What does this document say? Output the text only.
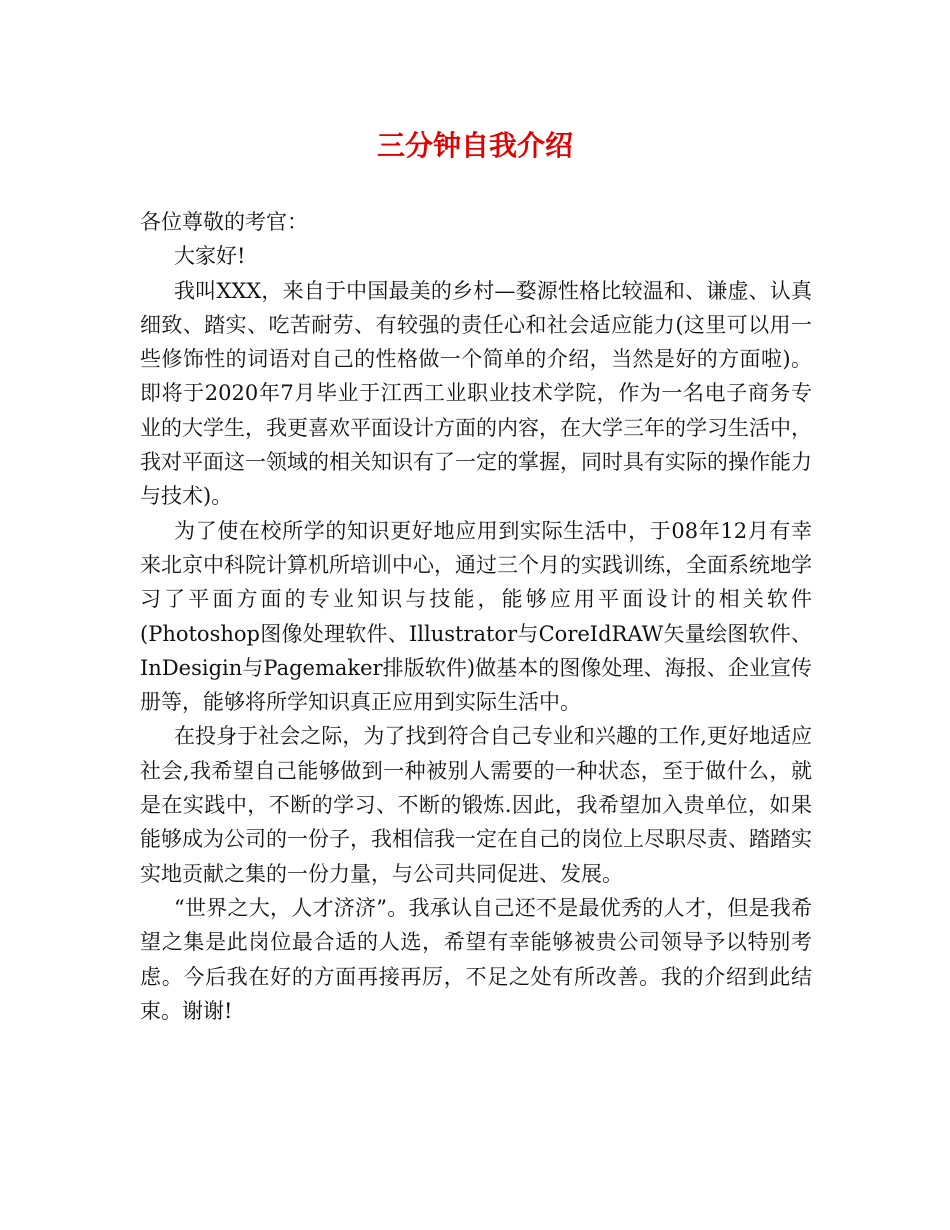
三分钟自我介绍

各位尊敬的考官：

大家好!

我叫XXX，来自于中国最美的乡村—婺源性格比较温和、谦虚、认真细致、踏实、吃苦耐劳、有较强的责任心和社会适应能力(这里可以用一些修饰性的词语对自己的性格做一个简单的介绍，当然是好的方面啦)。即将于2020年7月毕业于江西工业职业技术学院，作为一名电子商务专业的大学生，我更喜欢平面设计方面的内容，在大学三年的学习生活中，我对平面这一领域的相关知识有了一定的掌握，同时具有实际的操作能力与技术)。

为了使在校所学的知识更好地应用到实际生活中，于08年12月有幸来北京中科院计算机所培训中心，通过三个月的实践训练，全面系统地学习了平面方面的专业知识与技能，能够应用平面设计的相关软件(Photoshop图像处理软件、Illustrator与CoreIdRAW矢量绘图软件、InDesigin与Pagemaker排版软件)做基本的图像处理、海报、企业宣传册等，能够将所学知识真正应用到实际生活中。

在投身于社会之际，为了找到符合自己专业和兴趣的工作,更好地适应社会,我希望自己能够做到一种被别人需要的一种状态，至于做什么，就是在实践中，不断的学习、不断的锻炼.因此，我希望加入贵单位，如果能够成为公司的一份子，我相信我一定在自己的岗位上尽职尽责、踏踏实实地贡献之集的一份力量，与公司共同促进、发展。

“世界之大，人才济济”。我承认自己还不是最优秀的人才，但是我希望之集是此岗位最合适的人选，希望有幸能够被贵公司领导予以特别考虑。今后我在好的方面再接再厉，不足之处有所改善。我的介绍到此结束。谢谢!
